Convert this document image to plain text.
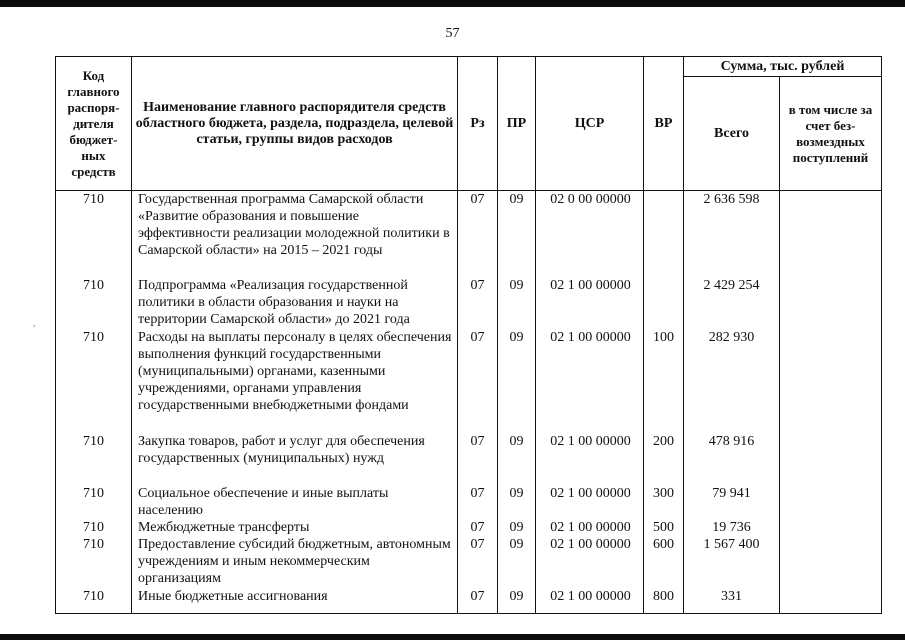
57
,
Код главного распоря-дителя бюджет-ных средств	Наименование главного распорядителя средств областного бюджета, раздела, подраздела, целевой статьи, группы видов расходов	Рз	ПР	ЦСР	ВР	Сумма, тыс. рублей	
						Всего	в том числе за счет без-возмездных поступлений
710	Государственная программа Самарской области «Развитие образования и повышение эффективности реализации молодежной политики в Самарской области» на 2015 – 2021 годы	07	09	02 0 00 00000		2 636 598	
710	Подпрограмма «Реализация государственной политики в области образования и науки на территории Самарской области» до 2021 года	07	09	02 1 00 00000		2 429 254	
710	Расходы на выплаты персоналу в целях обеспечения выполнения функций государственными (муниципальными) органами, казенными учреждениями, органами управления государственными внебюджетными фондами	07	09	02 1 00 00000	100	282 930	
710	Закупка товаров, работ и услуг для обеспечения государственных (муниципальных) нужд	07	09	02 1 00 00000	200	478 916	
710	Социальное обеспечение и иные выплаты населению	07	09	02 1 00 00000	300	79 941	
710	Межбюджетные трансферты	07	09	02 1 00 00000	500	19 736	
710	Предоставление субсидий бюджетным, автономным учреждениям и иным некоммерческим организациям	07	09	02 1 00 00000	600	1 567 400	
710	Иные бюджетные ассигнования	07	09	02 1 00 00000	800	331	
